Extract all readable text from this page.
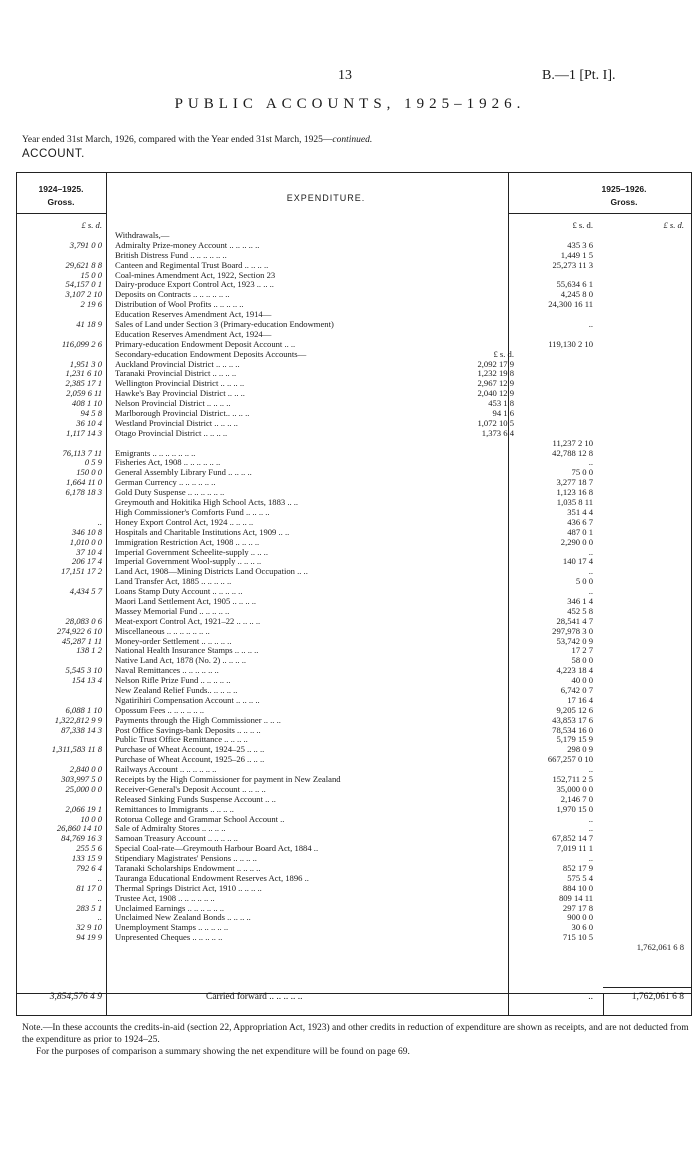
13	B.—1 [Pt. I].
PUBLIC ACCOUNTS, 1925–1926.
Year ended 31st March, 1926, compared with the Year ended 31st March, 1925—continued.
ACCOUNT.
1924–1925.
Gross.	EXPENDITURE.
1925–1926.
Gross.
£ s. d.	£ s. d.	£ s. d.
Withdrawals,—
3,791 0 0 Admiralty Prize-money Account .. .. .. .. ..	435 3 6
British Distress Fund .. .. .. .. .. ..	1,449 1 5
29,621 8 8 Canteen and Regimental Trust Board .. .. .. ..	25,273 11 3
15 0 0 Coal-mines Amendment Act, 1922, Section 23
54,157 0 1 Dairy-produce Export Control Act, 1923 .. .. ..	55,634 6 1
3,107 2 10 Deposits on Contracts .. .. .. .. .. ..	4,245 8 0
2 19 6 Distribution of Wool Profits .. .. .. .. ..	24,300 16 11
Education Reserves Amendment Act, 1914—
41 18 9 Sales of Land under Section 3 (Primary-education Endowment)	..
Education Reserves Amendment Act, 1924—
116,099 2 6 Primary-education Endowment Deposit Account .. ..	119,130 2 10
Secondary-education Endowment Deposits Accounts—	£ s. d.
1,951 3 0 Auckland Provincial District .. .. .. ..	2,092 17 9
1,231 6 10 Taranaki Provincial District .. .. .. ..	1,232 19 8
2,385 17 1 Wellington Provincial District .. .. .. ..	2,967 12 9
2,059 6 11 Hawke's Bay Provincial District .. .. ..	2,040 12 9
408 1 10 Nelson Provincial District .. .. .. ..	453 1 8
94 5 8 Marlborough Provincial District.. .. .. ..	94 1 6
36 10 4 Westland Provincial District .. .. .. ..	1,072 10 5
1,117 14 3 Otago Provincial District .. .. .. ..	1,373 6 4
11,237 2 10
76,113 7 11 Emigrants .. .. .. .. .. .. ..	42,788 12 8
0 5 9 Fisheries Act, 1908 .. .. .. .. .. ..	..
150 0 0 General Assembly Library Fund .. .. .. ..	75 0 0
1,664 11 0 German Currency .. .. .. .. .. ..	3,277 18 7
6,178 18 3 Gold Duty Suspense .. .. .. .. .. ..	1,123 16 8
Greymouth and Hokitika High School Acts, 1883 .. ..	1,035 8 11
High Commissioner's Comforts Fund .. .. .. ..	351 4 4
.. Honey Export Control Act, 1924 .. .. .. ..	436 6 7
346 10 8 Hospitals and Charitable Institutions Act, 1909 .. ..	487 0 1
1,010 0 0 Immigration Restriction Act, 1908 .. .. .. ..	2,290 0 0
37 10 4 Imperial Government Scheelite-supply .. .. ..	..
206 17 4 Imperial Government Wool-supply .. .. .. ..	140 17 4
17,151 17 2 Land Act, 1908—Mining Districts Land Occupation .. ..	..
Land Transfer Act, 1885 .. .. .. .. ..	5 0 0
4,434 5 7 Loans Stamp Duty Account .. .. .. .. ..	..
Maori Land Settlement Act, 1905 .. .. .. ..	346 1 4
Massey Memorial Fund .. .. .. .. ..	452 5 8
28,083 0 6 Meat-export Control Act, 1921–22 .. .. .. ..	28,541 4 7
274,922 6 10 Miscellaneous .. .. .. .. .. .. ..	297,978 3 0
45,287 1 11 Money-order Settlement .. .. .. .. ..	53,742 0 9
138 1 2 National Health Insurance Stamps .. .. .. ..	17 2 7
Native Land Act, 1878 (No. 2) .. .. .. ..	58 0 0
5,545 3 10 Naval Remittances .. .. .. .. .. ..	4,223 18 4
154 13 4 Nelson Rifle Prize Fund .. .. .. .. ..	40 0 0
New Zealand Relief Funds.. .. .. .. ..	6,742 0 7
Ngatirihiri Compensation Account .. .. .. ..	17 16 4
6,088 1 10 Opossum Fees .. .. .. .. .. ..	9,205 12 6
1,322,812 9 9 Payments through the High Commissioner .. .. ..	43,853 17 6
87,338 14 3 Post Office Savings-bank Deposits .. .. .. ..	78,534 16 0
Public Trust Office Remittance .. .. .. ..	5,179 15 9
1,311,583 11 8 Purchase of Wheat Account, 1924–25 .. .. ..	298 0 9
Purchase of Wheat Account, 1925–26 .. .. ..	667,257 0 10
2,840 0 0 Railways Account .. .. .. .. .. ..	..
303,997 5 0 Receipts by the High Commissioner for payment in New Zealand	152,711 2 5
25,000 0 0 Receiver-General's Deposit Account .. .. .. ..	35,000 0 0
Released Sinking Funds Suspense Account .. ..	2,146 7 0
2,066 19 1 Remittances to Immigrants .. .. .. ..	1,970 15 0
10 0 0 Rotorua College and Grammar School Account ..	..
26,860 14 10 Sale of Admiralty Stores .. .. .. ..	..
84,769 16 3 Samoan Treasury Account .. .. .. .. ..	67,852 14 7
255 5 6 Special Coal-rate—Greymouth Harbour Board Act, 1884 ..	7,019 11 1
133 15 9 Stipendiary Magistrates' Pensions .. .. .. ..	..
792 6 4 Taranaki Scholarships Endowment .. .. .. ..	852 17 9
.. Tauranga Educational Endowment Reserves Act, 1896 ..	575 5 4
81 17 0 Thermal Springs District Act, 1910 .. .. .. ..	884 10 0
.. Trustee Act, 1908 .. .. .. .. .. ..	809 14 11
283 5 1 Unclaimed Earnings .. .. .. .. .. ..	297 17 8
.. Unclaimed New Zealand Bonds .. .. .. ..	900 0 0
32 9 10 Unemployment Stamps .. .. .. .. ..	30 6 0
94 19 9 Unpresented Cheques .. .. .. .. ..	715 10 5
1,762,061 6 8
3,854,576 4 9	Carried forward .. .. .. .. ..	..	1,762,061 6 8
Note.—In these accounts the credits-in-aid (section 22, Appropriation Act, 1923) and other credits in reduction of expenditure are shown as receipts, and are not deducted from the expenditure as prior to 1924–25.
For the purposes of comparison a summary showing the net expenditure will be found on page 69.
